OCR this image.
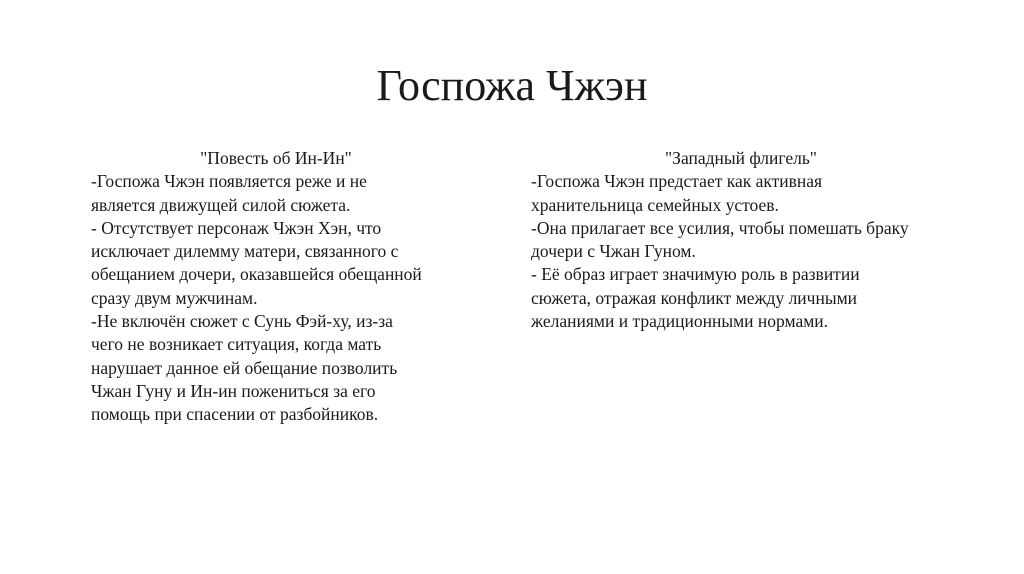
Госпожа Чжэн
"Повесть об Ин-Ин"
-Госпожа Чжэн появляется реже и не
является движущей силой сюжета.
- Отсутствует персонаж Чжэн Хэн, что
исключает дилемму матери, связанного с
обещанием дочери, оказавшейся обещанной
сразу двум мужчинам.
-Не включён сюжет с Сунь Фэй-ху, из-за
чего не возникает ситуация, когда мать
нарушает данное ей обещание позволить
Чжан Гуну и Ин-ин пожениться за его
помощь при спасении от разбойников.
"Западный флигель"
-Госпожа Чжэн предстает как активная
хранительница семейных устоев.
-Она прилагает все усилия, чтобы помешать браку
дочери с Чжан Гуном.
- Её образ играет значимую роль в развитии
сюжета, отражая конфликт между личными
желаниями и традиционными нормами.
